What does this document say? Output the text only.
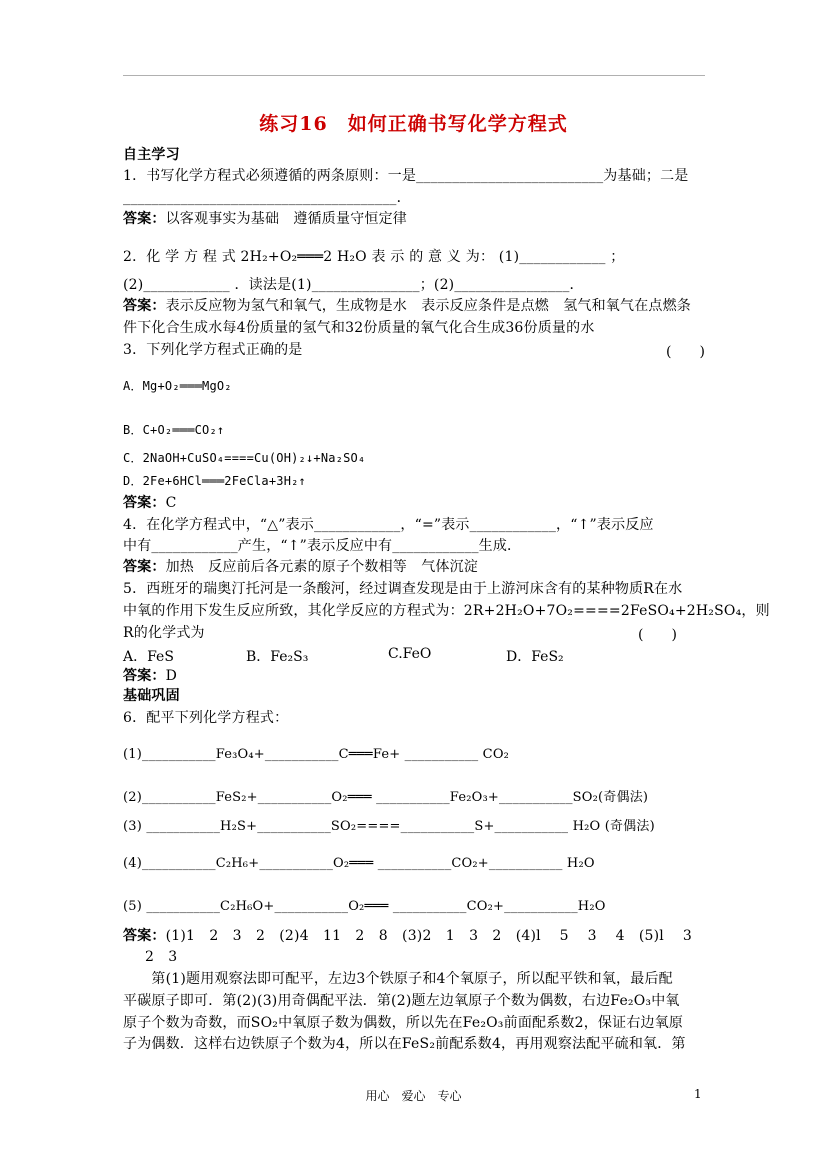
练习16　如何正确书写化学方程式
自主学习
1．书写化学方程式必须遵循的两条原则：一是__________________________为基础；二是
______________________________________．
答案：以客观事实为基础　遵循质量守恒定律
2．化 学 方 程 式 2H₂+O₂═══2 H₂O 表 示 的 意 义 为： (1)____________ ；
(2)____________ ．读法是(1)_______________；(2)________________．
答案：表示反应物为氢气和氧气，生成物是水　表示反应条件是点燃　氢气和氧气在点燃条
件下化合生成水每4份质量的氢气和32份质量的氧气化合生成36份质量的水
3．下列化学方程式正确的是	(　　)
A．Mg+O₂═══MgO₂
B．C+O₂═══CO₂↑
C．2NaOH+CuSO₄====Cu(OH)₂↓+Na₂SO₄
D．2Fe+6HCl═══2FeCla+3H₂↑
答案：C
4．在化学方程式中，“△”表示____________，“=”表示____________，“↑”表示反应
中有____________产生，“↑”表示反应中有____________生成．
答案：加热　反应前后各元素的原子个数相等　气体沉淀
5．西班牙的瑞奥汀托河是一条酸河，经过调查发现是由于上游河床含有的某种物质R在水
中氧的作用下发生反应所致，其化学反应的方程式为：2R+2H₂O+7O₂====2FeSO₄+2H₂SO₄，则
R的化学式为	(　　)
A．FeS	B．Fe₂S₃	C.FeO	D．FeS₂
答案：D
基础巩固
6．配平下列化学方程式：
(1)___________Fe₃O₄+___________C═══Fe+ ___________ CO₂
(2)___________FeS₂+___________O₂═══ ___________Fe₂O₃+___________SO₂(奇偶法)
(3) ___________H₂S+___________SO₂====___________S+___________ H₂O (奇偶法)
(4)___________C₂H₆+___________O₂═══ ___________CO₂+___________ H₂O
(5) ___________C₂H₆O+___________O₂═══ ___________CO₂+___________H₂O
答案：(1)1　2　3　2　(2)4　11　2　8　(3)2　1　3　2　(4)l　 5　 3　 4　(5)l　 3
2　3
　　第(1)题用观察法即可配平，左边3个铁原子和4个氧原子，所以配平铁和氧，最后配
平碳原子即可．第(2)(3)用奇偶配平法．第(2)题左边氧原子个数为偶数，右边Fe₂O₃中氧
原子个数为奇数，而SO₂中氧原子数为偶数，所以先在Fe₂O₃前面配系数2，保证右边氧原
子为偶数．这样右边铁原子个数为4，所以在FeS₂前配系数4，再用观察法配平硫和氧．第
用心　爱心　专心	1
